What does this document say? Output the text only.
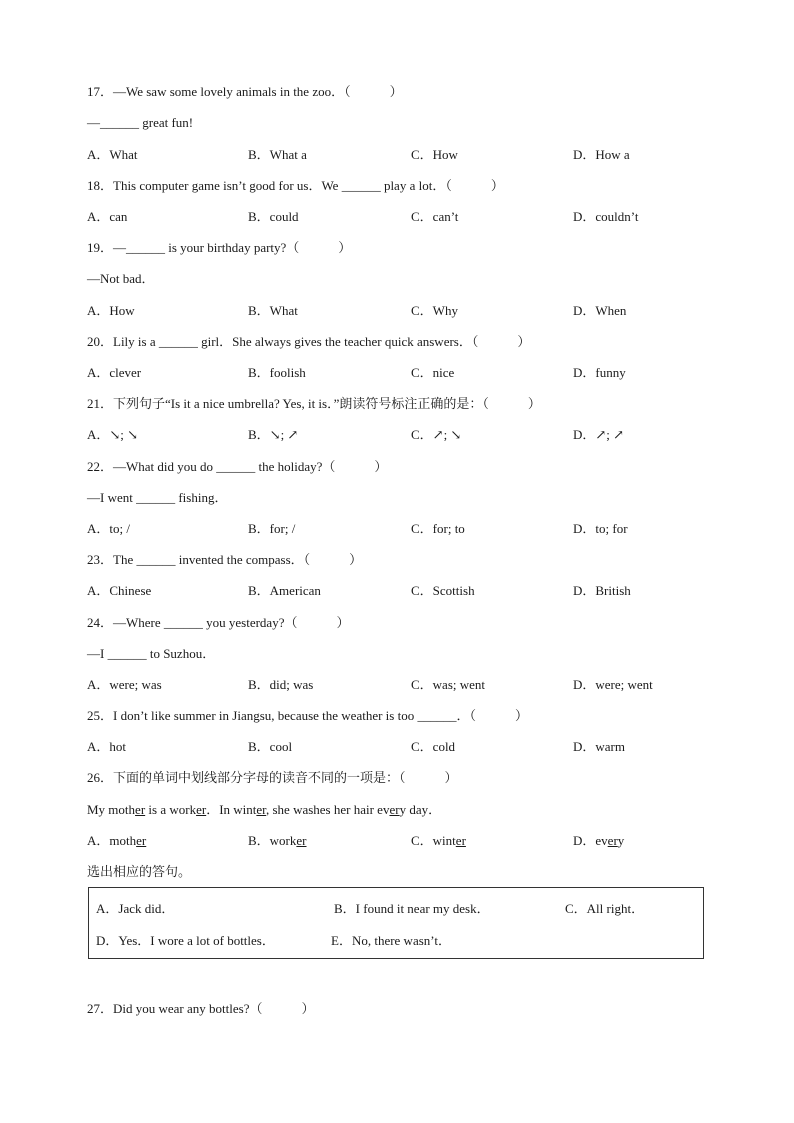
17．—We saw some lovely animals in the zoo．（　　　）
—______ great fun!
A．What	B．What a	C．How	D．How a
18．This computer game isn’t good for us．We ______ play a lot．（　　　）
A．can	B．could	C．can’t	D．couldn’t
19．—______ is your birthday party?（　　　）
—Not bad．
A．How	B．What	C．Why	D．When
20．Lily is a ______ girl．She always gives the teacher quick answers．（　　　）
A．clever	B．foolish	C．nice	D．funny
21．下列句子“Is it a nice umbrella? Yes, it is．”朗读符号标注正确的是：（　　　）
A．↘; ↘	B．↘; ↗	C．↗; ↘	D．↗; ↗
22．—What did you do ______ the holiday?（　　　）
—I went ______ fishing．
A．to; /	B．for; /	C．for; to	D．to; for
23．The ______ invented the compass．（　　　）
A．Chinese	B．American	C．Scottish	D．British
24．—Where ______ you yesterday?（　　　）
—I ______ to Suzhou．
A．were; was	B．did; was	C．was; went	D．were; went
25．I don’t like summer in Jiangsu, because the weather is too ______．（　　　）
A．hot	B．cool	C．cold	D．warm
26．下面的单词中划线部分字母的读音不同的一项是：（　　　）
My mother is a worker．In winter, she washes her hair every day．
A．mother	B．worker	C．winter	D．every
选出相应的答句。
A．Jack did．	B．I found it near my desk．	C．All right．
D．Yes．I wore a lot of bottles．	E．No, there wasn’t．
27．Did you wear any bottles?（　　　）
